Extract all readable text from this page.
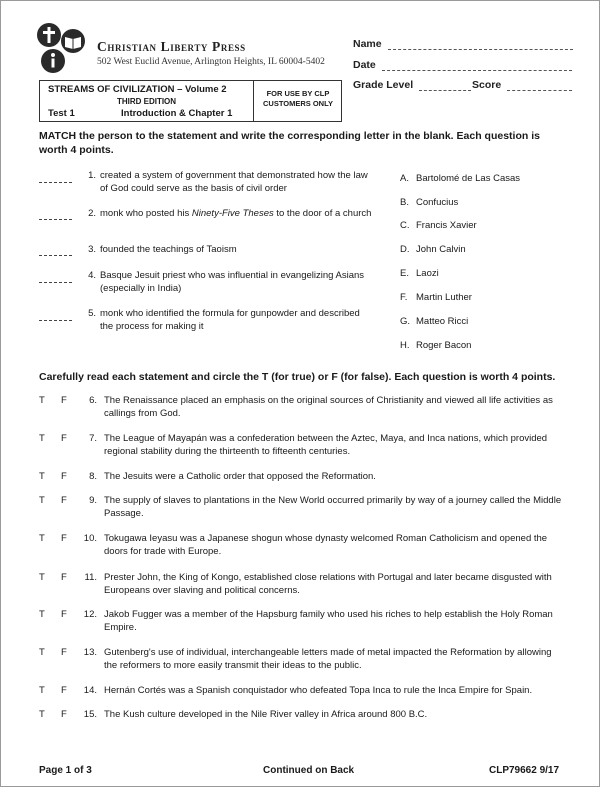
Christian Liberty Press
502 West Euclid Avenue, Arlington Heights, IL 60004-5402
Name
Date
Grade Level	Score
STREAMS OF CIVILIZATION – Volume 2
THIRD EDITION
Test 1	Introduction & Chapter 1
FOR USE BY CLP CUSTOMERS ONLY
MATCH the person to the statement and write the corresponding letter in the blank. Each question is worth 4 points.
1. created a system of government that demonstrated how the law of God could serve as the basis of civil order
2. monk who posted his Ninety-Five Theses to the door of a church
3. founded the teachings of Taoism
4. Basque Jesuit priest who was influential in evangelizing Asians (especially in India)
5. monk who identified the formula for gunpowder and described the process for making it
A. Bartolomé de Las Casas
B. Confucius
C. Francis Xavier
D. John Calvin
E. Laozi
F. Martin Luther
G. Matteo Ricci
H. Roger Bacon
Carefully read each statement and circle the T (for true) or F (for false). Each question is worth 4 points.
T F	6. The Renaissance placed an emphasis on the original sources of Christianity and viewed all life activities as callings from God.
T F	7. The League of Mayapán was a confederation between the Aztec, Maya, and Inca nations, which provided regional stability during the thirteenth to fifteenth centuries.
T F	8. The Jesuits were a Catholic order that opposed the Reformation.
T F	9. The supply of slaves to plantations in the New World occurred primarily by way of a journey called the Middle Passage.
T F	10. Tokugawa Ieyasu was a Japanese shogun whose dynasty welcomed Roman Catholicism and opened the doors for trade with Europe.
T F	11. Prester John, the King of Kongo, established close relations with Portugal and later became disgusted with Europeans over slaving and political concerns.
T F	12. Jakob Fugger was a member of the Hapsburg family who used his riches to help establish the Holy Roman Empire.
T F	13. Gutenberg's use of individual, interchangeable letters made of metal impacted the Reformation by allowing the reformers to more easily transmit their ideas to the public.
T F	14. Hernán Cortés was a Spanish conquistador who defeated Topa Inca to rule the Inca Empire for Spain.
T F	15. The Kush culture developed in the Nile River valley in Africa around 800 B.C.
Page 1 of 3	Continued on Back	CLP79662 9/17
